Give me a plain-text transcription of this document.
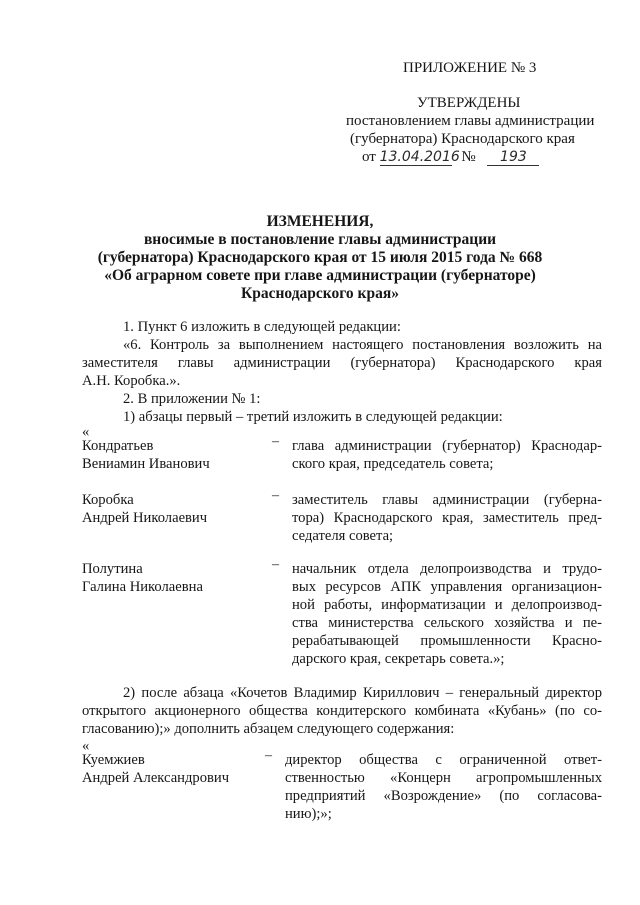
ПРИЛОЖЕНИЕ № 3
УТВЕРЖДЕНЫ
постановлением главы администрации
(губернатора) Краснодарского края
от 13.04.2016 № 193
ИЗМЕНЕНИЯ,
вносимые в постановление главы администрации
(губернатора) Краснодарского края от 15 июля 2015 года № 668
«Об аграрном совете при главе администрации (губернаторе)
Краснодарского края»
1. Пункт 6 изложить в следующей редакции:
«6. Контроль за выполнением настоящего постановления возложить на
заместителя главы администрации (губернатора) Краснодарского края
А.Н. Коробка.».
2. В приложении № 1:
1) абзацы первый – третий изложить в следующей редакции:
«
Кондратьев
Вениамин Иванович
– глава администрации (губернатор) Краснодар-
ского края, председатель совета;
Коробка
Андрей Николаевич
– заместитель главы администрации (губерна-
тора) Краснодарского края, заместитель пред-
седателя совета;
Полутина
Галина Николаевна
– начальник отдела делопроизводства и трудо-
вых ресурсов АПК управления организацион-
ной работы, информатизации и делопроизвод-
ства министерства сельского хозяйства и пе-
рерабатывающей промышленности Красно-
дарского края, секретарь совета.»;
2) после абзаца «Кочетов Владимир Кириллович – генеральный директор
открытого акционерного общества кондитерского комбината «Кубань» (по со-
гласованию);» дополнить абзацем следующего содержания:
«
Куемжиев
Андрей Александрович
– директор общества с ограниченной ответ-
ственностью «Концерн агропромышленных
предприятий «Возрождение» (по согласова-
нию);»;
